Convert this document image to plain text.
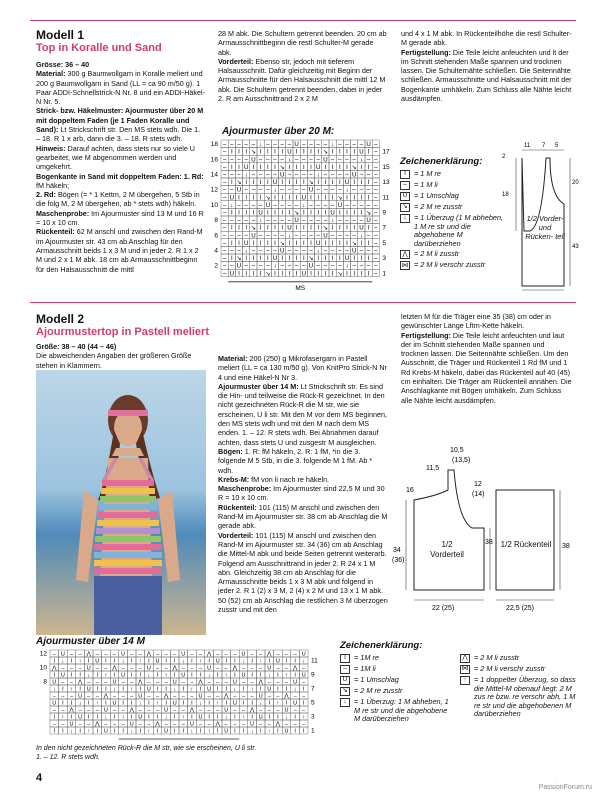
Modell 1
Top in Koralle und Sand

Grösse: 36 – 40

Material: 300 g Baumwollgarn in Koralle meliert und 200 g Baumwollgarn in Sand (LL = ca 90 m/50 g). 1 Paar ADDI-Schnellstrick-N Nr. 8 und ein ADDI-Häkel-N Nr. 5.

Strick- bzw. Häkelmuster: Ajourmuster über 20 M mit doppeltem Faden (je 1 Faden Koralle und Sand): Lt Strickschrift str. Den MS stets wdh. Die 1. – 18. R 1 x arb, dann die 3. – 18. R stets wdh.

Hinweis: Darauf achten, dass stets nur so viele U gearbeitet, wie M abgenommen werden und umgekehrt.

Bogenkante in Sand mit doppeltem Faden: 1. Rd: fM häkeln;

2. Rd: Bögen (= * 1 Kettm, 2 M übergehen, 5 Stb in die folg M, 2 M übergehen, ab * stets wdh) häkeln.

Maschenprobe: Im Ajourmuster sind 13 M und 16 R = 10 x 10 cm.

Rückenteil: 62 M anschl und zwischen den Rand-M im Ajourmuster str. 43 cm ab Anschlag für den Armausschnitt beids 1 x 3 M und in jeder 2. R 1 x 2 M und 2 x 1 M abk. 18 cm ab Armausschnittbeginn für den Halsausschnitt die mittl

28 M abk. Die Schultern getrennt beenden. 20 cm ab Armausschnittbeginn die restl Schulter-M gerade abk.

Vorderteil: Ebenso str, jedoch mit tieferem Halsausschnitt. Dafür gleichzeitig mit Beginn der Armausschnitte für den Halsausschnitt die mittl 12 M abk. Die Schultern getrennt beenden, dabei in jeder 2. R am Ausschnittrand 2 x 2 M

und 4 x 1 M abk. In Rückenteilhöhe die restl Schulter-M gerade abk.

Fertigstellung: Die Teile leicht anfeuchten und lt der im Schnitt stehenden Maße spannen und trocknen lassen. Die Schulternähte schließen. Die Seitennähte schließen. Armausschnitte und Halsausschnitt mit der Bogenkante umhäkeln. Zum Schluss alle Nähte leicht ausdämpfen.

Ajourmuster über 20 M:
– – – – – ↓ – – – – U – – – – ↓ – – – – U –
– I I I ↘ I I I I U I I I I ↘ I I I I U I –
– – – – U – – – – ↓ – – – – U – – – – ↓ – –
– I I U I I I I ↘ I I I I U I I I I ↘ I I –
– – – ↓ – – – – U – – – – ↓ – – – – U – – –
– I ↘ I I I I U I I I I ↘ I I I I U I I I –
– – U – – – – ↓ – – – – U – – – – ↓ – – – –
– U I I I I ↘ I I I I U I I I I ↘ I I I I –
– ↓ – – – – U – – – – ↓ – – – – U – – – – –
– I I I I U I I I I ↘ I I I I U I I I I ↘ –
– – – – – ↓ – – – – U – – – – ↓ – – – – U –
– I I I ↘ I I I I U I I I I ↘ I I I I U I –
– – – – U – – – – ↓ – – – – U – – – – ↓ – –
– I I U I I I I ↘ I I I I U I I I I ↘ I I –
– – – ↓ – – – – U – – – – ↓ – – – – U – – –
– I ↘ I I I I U I I I I ↘ I I I I U I I I –
– – U – – – – ↓ – – – – U – – – – ↓ – – – –
– U I I I I ↘ I I I I U I I I I ↘ I I I I –
18
16
14
12
10
8
6
4
2
17
15
13
11
9
7
5
3
1
MS
Zeichenerklärung:
I	= 1 M re
– = 1 M li
U = 1 Umschlag
↘ = 2 M re zusstr
↓	= 1 Überzug (1 M abheben, 1 M re str und die abgehobene M darüberziehen
⋀ = 2 M li zusstr
⋈ = 2 M li verschr zusstr
2
11 7 5
18
20
43
1/2 Vorder- und Rücken- teil
Modell 2
Ajourmustertop in Pastell meliert

Größe: 38 – 40 (44 – 46)

Die abweichenden Angaben der größeren Größe stehen in Klammern.

Material: 200 (250) g Mikrofasergarn in Pastell meliert (LL = ca 130 m/50 g). Von KnitPro Strick-N Nr 4 und eine Häkel-N Nr 3.

Ajourmuster über 14 M: Lt Strickschrift str. Es sind die Hin- und teilweise die Rück-R gezeichnet. In den nicht gezeichneten Rück-R die M str, wie sie erscheinen, U li str. Mit den M vor dem MS beginnen, den MS stets wdh und mit den M nach dem MS enden. 1. – 12. R stets wdh. Bei Abnahmen darauf achten, dass stets U und zusgestr M ausgleichen.

Bögen: 1. R: fM häkeln, 2. R: 1 fM, *in die 3. folgende M 5 Stb, in die 3. folgende M 1 fM. Ab * wdh.

Krebs-M: fM von li nach re häkeln.

Maschenprobe: Im Ajourmuster sind 22,5 M und 30 R = 10 x 10 cm.

Rückenteil: 101 (115) M anschl und zwischen den Rand-M im Ajourmuster str. 38 cm ab Anschlag die M gerade abk.

Vorderteil: 101 (115) M anschl und zwischen den Rand-M im Ajourmuster str. 34 (36) cm ab Anschlag die Mittel-M abk und beide Seiten getrennt weiterarb. Folgend am Ausschnittrand in jeder 2. R 24 x 1 M abn. Gleichzeitig 38 cm ab Anschlag für die Armausschnitte beids 1 x 3 M abk und folgend in jeder 2. R 1 (2) x 3 M, 2 (4) x 2 M und 13 x 1 M abk. 50 (52) cm ab Anschlag die restlichen 3 M überzogen zusstr und mit den

letzten M für die Träger eine 35 (38) cm oder in gewünschter Länge Lftm-Kette häkeln.

Fertigstellung: Die Teile leicht anfeuchten und laut der im Schnitt stehenden Maße spannen und trocknen lassen. Die Seitennähte schließen. Um den Ausschnitt, die Träger und Rückenteil 1 Rd fM und 1 Rd Krebs-M häkeln, dabei das Rückenteil auf 40 (45) cm einhalten. Die Träger am Rückenteil annähen. Die Anschlagkante mit Bögen umhäkeln. Zum Schluss alle Nähte leicht ausdämpfen.

10,5
(13,5)
11,5
16
12
(14)
34
(36)
38
38
22 (25)	22,5 (25)
1/2 Vorderteil
1/2 Rückenteil
Ajourmuster über 14 M
– U – – ⋀ – – – U – – ⋀ – – – U – – ⋀ – – – U – – ⋀ – – – U
I ↓ I ↑ I U I I ↓ I ↑ I U I I ↓ I ↑ I U I I ↓ I ↑ I U I I ↓
⋀ – – – U – – ⋀ – – – U – – ⋀ – – – U – – ⋀ – – – U – – ⋀ –
I U I I ↓ I ↑ I U I I ↓ I ↑ I U I I ↓ I ↑ I U I I ↓ I ↑ I U
U – – ⋀ – – – U – – ⋀ – – – U – – ⋀ – – – U – – ⋀ – – – U –
↓ I ↑ I U I I ↓ I ↑ I U I I ↓ I ↑ I U I I ↓ I ↑ I U I I ↓ I
– – – U – – ⋀ – – – U – – ⋀ – – – U – – ⋀ – – – U – – ⋀ – –
U I I ↓ I ↑ I U I I ↓ I ↑ I U I I ↓ I ↑ I U I I ↓ I ↑ I U I
– – ⋀ – – – U – – ⋀ – – – U – – ⋀ – – – U – – ⋀ – – – U – –
I ↑ I U I I ↓ I ↑ I U I I ↓ I ↑ I U I I ↓ I ↑ I U I I ↓ I ↑
– – U – – ⋀ – – – U – – ⋀ – – – U – – ⋀ – – – U – – ⋀ – – –
I I ↓ I ↑ I U I I ↓ I ↑ I U I I ↓ I ↑ I U I I ↓ I ↑ I U I I
12
10
8
11
9
7
5
3
1
In den nicht gezeichneten Rück-R die M str, wie sie erscheinen, U li str.
1. – 12. R stets wdh.
Zeichenerklärung:
I	= 1M re
– = 1M li
U = 1 Umschlag
↘ = 2 M re zusstr
↓	= 1 Überzug: 1 M abheben, 1 M re str und die abgehobene M darüberziehen
⋀ = 2 M li zusstr
⋈ = 2 M li verschr zusstr
↑	= 1 doppelter Überzug, so dass die Mittel-M obenauf liegt: 2 M zus re bzw. re verschr abh, 1 M re str und die abgehobenen M darüberziehen
4
PassionForum.ru
